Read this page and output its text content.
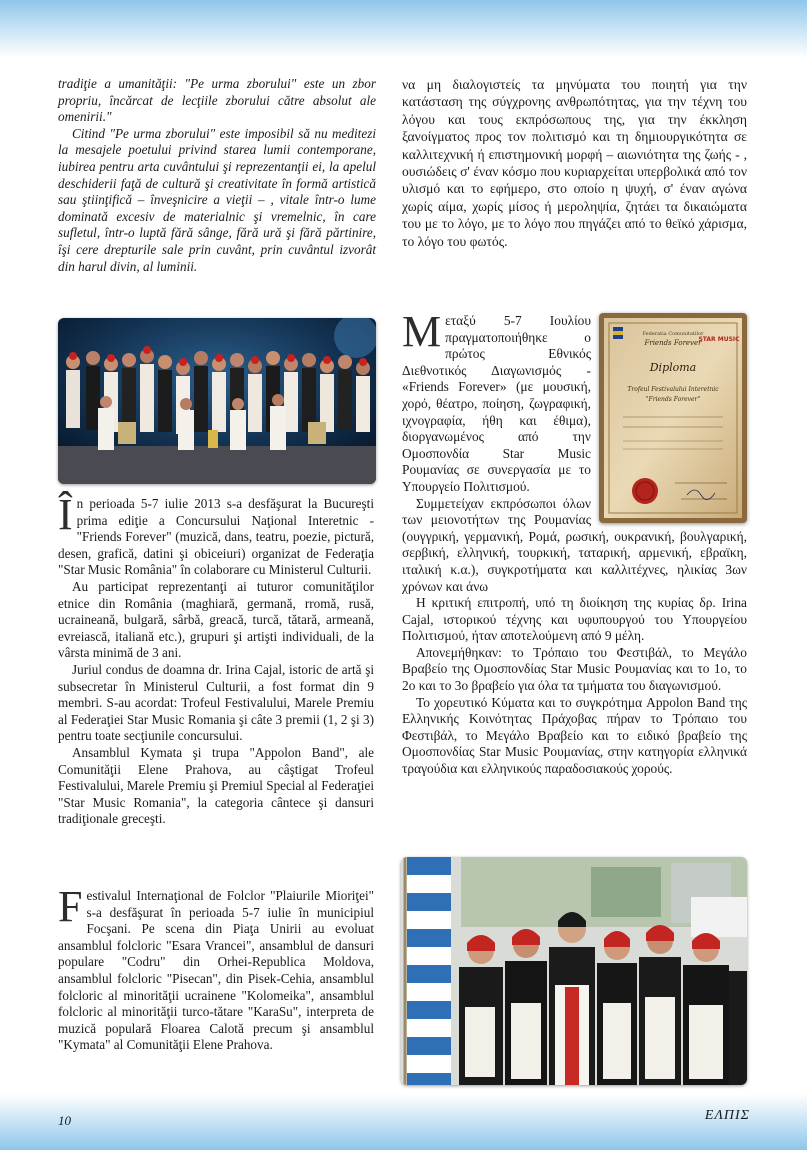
tradiţie a umanităţii: "Pe urma zborului" este un zbor propriu, încărcat de lecţiile zborului către absolut ale omenirii."

Citind "Pe urma zborului" este imposibil să nu meditezi la mesajele poetului privind starea lumii contemporane, iubirea pentru arta cuvântului şi reprezentanţii ei, la apelul deschiderii faţă de cultură şi creativitate în formă artistică sau ştiinţifică – înveşnicire a vieţii – , vitale într-o lume dominată excesiv de materialnic şi vremelnic, în care sufletul, într-o luptă fără sânge, fără ură şi fără părtinire, îşi cere drepturile sale prin cuvânt, prin cuvântul izvorât din harul divin, al luminii.

να μη διαλογιστείς τα μηνύματα του ποιητή για την κατάσταση της σύγχρονης ανθρωπότητας, για την τέχνη του λόγου και τους εκπρόσωπους της, για την έκκληση ξανοίγματος προς τον πολιτισμό και τη δημιουργικότητα σε καλλιτεχνική ή επιστημονική μορφή – αιωνιότητα της ζωής - , ουσιώδεις σ' έναν κόσμο που κυριαρχείται υπερβολικά από τον υλισμό και το εφήμερο, στο οποίο η ψυχή, σ' έναν αγώνα χωρίς αίμα, χωρίς μίσος ή μεροληψία, ζητάει τα δικαιώματα του με το λόγο, με το λόγο που πηγάζει από το θεϊκό χάρισμα, το λόγο του φωτός.

Î n perioada 5-7 iulie 2013 s-a desfăşurat la Bucureşti prima ediţie a Concursului Naţional Interetnic - "Friends Forever" (muzică, dans, teatru, poezie, pictură, desen, grafică, datini şi obiceiuri) organizat de Federaţia "Star Music România" în colaborare cu Ministerul Culturii.

Au participat reprezentanţi ai tuturor comunităţilor etnice din România (maghiară, germană, rromă, rusă, ucraineană, bulgară, sârbă, greacă, turcă, tătară, armeană, evreiască, italiană etc.), grupuri şi artişti individuali, de la vârsta minimă de 3 ani.

Juriul condus de doamna dr. Irina Cajal, istoric de artă şi subsecretar în Ministerul Culturii, a fost format din 9 membri. S-au acordat: Trofeul Festivalului, Marele Premiu al Federaţiei Star Music Romania şi câte 3 premii (1, 2 şi 3) pentru toate secţiunile concursului.

Ansamblul Kymata şi trupa "Appolon Band", ale Comunităţii Elene Prahova, au câştigat Trofeul Festivalului, Marele Premiu şi Premiul Special al Federaţiei "Star Music Romania", la categoria cântece şi dansuri tradiţionale greceşti.

F estivalul Internaţional de Folclor "Plaiurile Mioriţei" s-a desfăşurat în perioada 5-7 iulie în municipiul Focşani. Pe scena din Piaţa Unirii au evoluat ansamblul folcloric "Esara Vrancei", ansamblul de dansuri populare "Codru" din Orhei-Republica Moldova, ansamblul folcloric "Pisecan", din Pisek-Cehia, ansamblul folcloric al minorităţii ucrainene "Kolomeika", ansamblul folcloric al minorităţii turco-tătare "KaraSu", interpreta de muzică populară Floarea Calotă precum şi ansamblul "Kymata" al Comunităţii Elene Prahova.

Federatia Comunitatilor
Friends Forever
STAR MUSIC
Diploma
Trofeul Festivalului Interetnic
"Friends Forever"

Μ εταξύ 5-7 Ιουλίου πραγματοποιήθηκε ο πρώτος Εθνικός Διεθνοτικός Διαγωνισμός - «Friends Forever» (με μουσική, χορό, θέατρο, ποίηση, ζωγραφική, ιχνογραφία, ήθη και έθιμα), διοργανωμένος από την Ομοσπονδία Star Music Ρουμανίας σε συνεργασία με το Υπουργείο Πολιτισμού.

Συμμετείχαν εκπρόσωποι όλων των μειονοτήτων της Ρουμανίας (ουγγρική, γερμανική, Ρομά, ρωσική, ουκρανική, βουλγαρική, σερβική, ελληνική, τουρκική, ταταρική, αρμενική, εβραϊκη, ιταλική κ.α.), συγκροτήματα και καλλιτέχνες, ηλικίας 3ων χρόνων και άνω

Η κριτική επιτροπή, υπό τη διοίκηση της κυρίας δρ. Irina Cajal, ιστορικού τέχνης και υφυπουργού του Υπουργείου Πολιτισμού, ήταν αποτελούμενη από 9 μέλη.

Απονεμήθηκαν: το Τρόπαιο του Φεστιβάλ, το Μεγάλο Βραβείο της Ομοσπονδίας Star Music Ρουμανίας και το 1ο, το 2ο και το 3ο βραβείο για όλα τα τμήματα του διαγωνισμού.

Το χορευτικό Κύματα και το συγκρότημα Appolon Band της Ελληνικής Κοινότητας Πράχοβας πήραν το Τρόπαιο του Φεστιβάλ, το Μεγάλο Βραβείο και το ειδικό βραβείο της Ομοσπονδίας Star Music Ρουμανίας, στην κατηγορία ελληνικά τραγούδια και ελληνικούς παραδοσιακούς χορούς.

10	ΕΛΠΙΣ
